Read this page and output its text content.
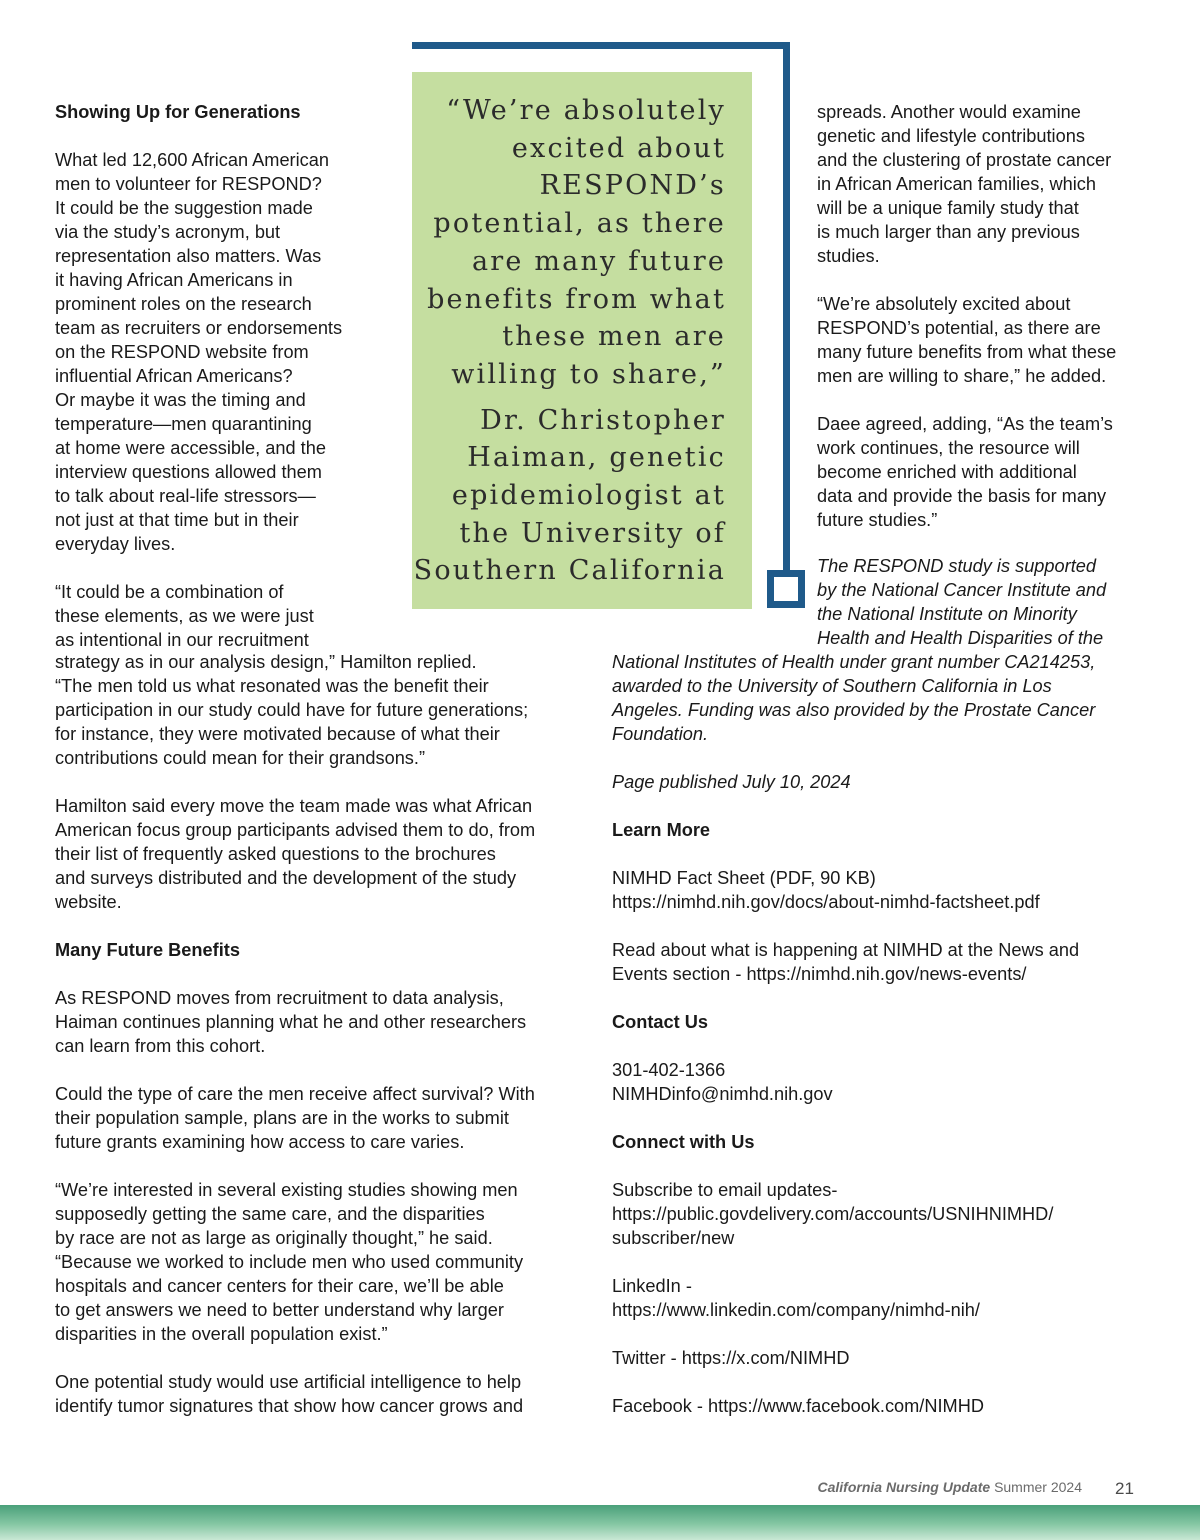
Showing Up for Generations

What led 12,600 African American

men to volunteer for RESPOND?

It could be the suggestion made

via the study’s acronym, but

representation also matters. Was

it having African Americans in

prominent roles on the research

team as recruiters or endorsements

on the RESPOND website from

influential African Americans?

Or maybe it was the timing and

temperature—men quarantining

at home were accessible, and the

interview questions allowed them

to talk about real-life stressors—

not just at that time but in their

everyday lives.

“It could be a combination of

these elements, as we were just

as intentional in our recruitment

“We’re absolutely
excited about
RESPOND’s
potential, as there
are many future
benefits from what
these men are
willing to share,”
Dr. Christopher
Haiman, genetic
epidemiologist at
the University of
Southern California

strategy as in our analysis design,” Hamilton replied.

“The men told us what resonated was the benefit their

participation in our study could have for future generations;

for instance, they were motivated because of what their

contributions could mean for their grandsons.”

Hamilton said every move the team made was what African

American focus group participants advised them to do, from

their list of frequently asked questions to the brochures

and surveys distributed and the development of the study

website.

Many Future Benefits

As RESPOND moves from recruitment to data analysis,

Haiman continues planning what he and other researchers

can learn from this cohort.

Could the type of care the men receive affect survival? With

their population sample, plans are in the works to submit

future grants examining how access to care varies.

“We’re interested in several existing studies showing men

supposedly getting the same care, and the disparities

by race are not as large as originally thought,” he said.

“Because we worked to include men who used community

hospitals and cancer centers for their care, we’ll be able

to get answers we need to better understand why larger

disparities in the overall population exist.”

One potential study would use artificial intelligence to help

identify tumor signatures that show how cancer grows and

spreads. Another would examine

genetic and lifestyle contributions

and the clustering of prostate cancer

in African American families, which

will be a unique family study that

is much larger than any previous

studies.

“We’re absolutely excited about

RESPOND’s potential, as there are

many future benefits from what these

men are willing to share,” he added.

Daee agreed, adding, “As the team’s

work continues, the resource will

become enriched with additional

data and provide the basis for many

future studies.”

The RESPOND study is supported

by the National Cancer Institute and

the National Institute on Minority

Health and Health Disparities of the

National Institutes of Health under grant number CA214253,

awarded to the University of Southern California in Los

Angeles. Funding was also provided by the Prostate Cancer

Foundation.

Page published July 10, 2024

Learn More

NIMHD Fact Sheet (PDF, 90 KB)

https://nimhd.nih.gov/docs/about-nimhd-factsheet.pdf

Read about what is happening at NIMHD at the News and

Events section - https://nimhd.nih.gov/news-events/

Contact Us

301-402-1366

NIMHDinfo@nimhd.nih.gov

Connect with Us

Subscribe to email updates-

https://public.govdelivery.com/accounts/USNIHNIMHD/

subscriber/new

LinkedIn -

https://www.linkedin.com/company/nimhd-nih/

Twitter - https://x.com/NIMHD

Facebook - https://www.facebook.com/NIMHD

California Nursing Update Summer 2024 21
